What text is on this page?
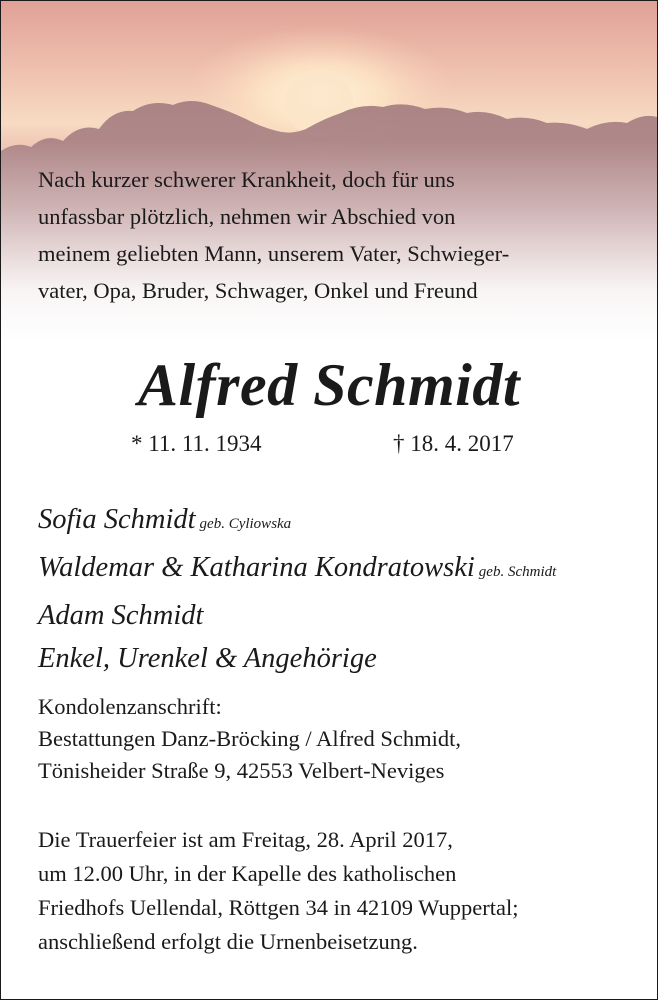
Nach kurzer schwerer Krankheit, doch für uns
unfassbar plötzlich, nehmen wir Abschied von
meinem geliebten Mann, unserem Vater, Schwieger-
vater, Opa, Bruder, Schwager, Onkel und Freund

Alfred Schmidt
* 11. 11. 1934	† 18. 4. 2017
Sofia Schmidt geb. Cyliowska
Waldemar & Katharina Kondratowski geb. Schmidt
Adam Schmidt
Enkel, Urenkel & Angehörige

Kondolenzanschrift:
Bestattungen Danz-Bröcking / Alfred Schmidt,
Tönisheider Straße 9, 42553 Velbert-Neviges

Die Trauerfeier ist am Freitag, 28. April 2017,
um 12.00 Uhr, in der Kapelle des katholischen
Friedhofs Uellendal, Röttgen 34 in 42109 Wuppertal;
anschließend erfolgt die Urnenbeisetzung.
